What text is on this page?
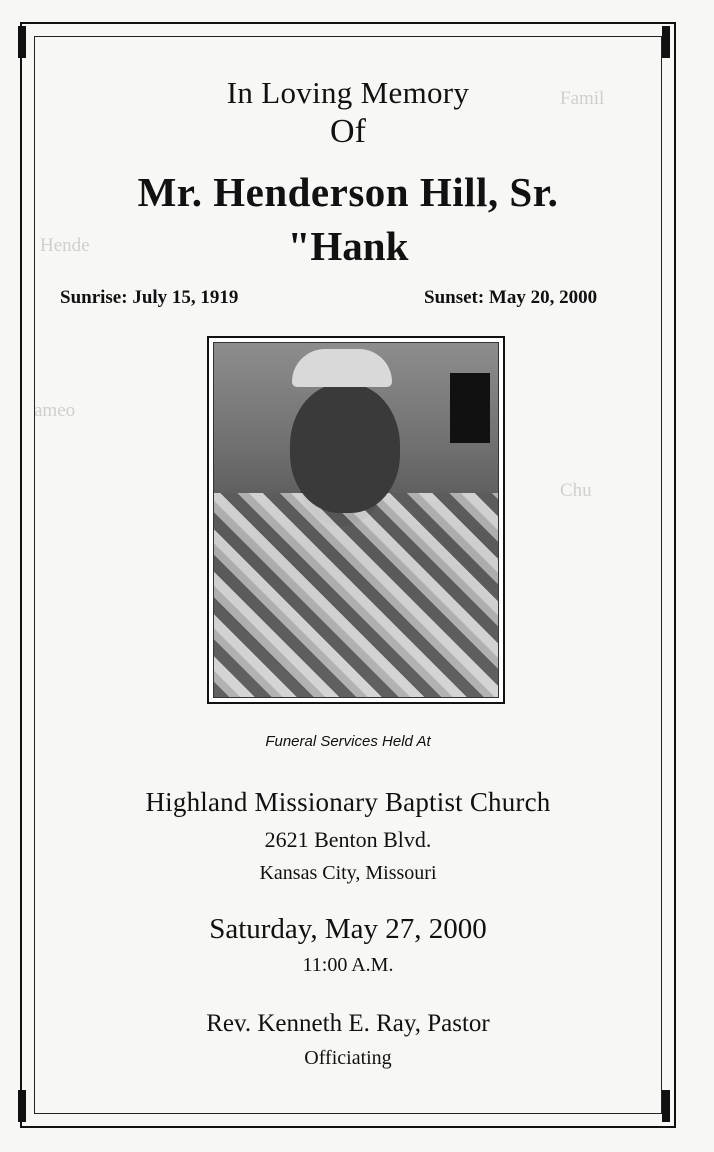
Famil
Hende
ameo
Chu
In Loving Memory
Of
Mr. Henderson Hill, Sr.
"Hank
Sunrise: July 15, 1919	Sunset: May 20, 2000
Funeral Services Held At
Highland Missionary Baptist Church
2621 Benton Blvd.
Kansas City, Missouri
Saturday, May 27, 2000
11:00 A.M.
Rev. Kenneth E. Ray, Pastor
Officiating
